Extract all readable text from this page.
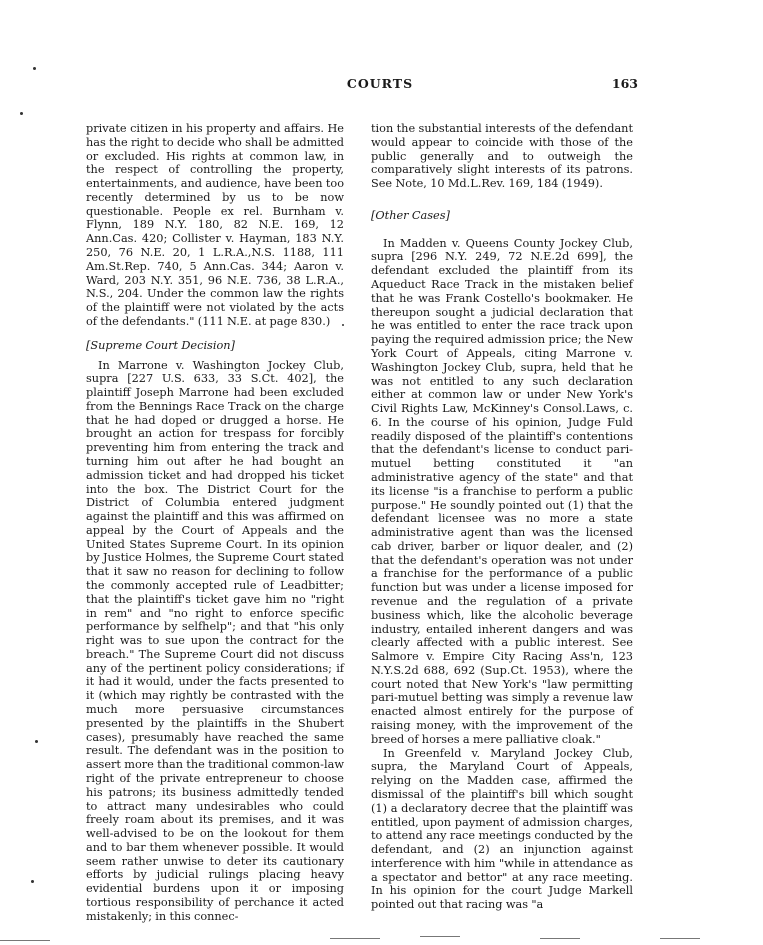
COURTS	163

private citizen in his property and affairs. He has the right to decide who shall be admitted or excluded. His rights at common law, in the respect of controlling the property, entertainments, and audience, have been too recently determined by us to be now questionable. People ex rel. Burnham v. Flynn, 189 N.Y. 180, 82 N.E. 169, 12 Ann.Cas. 420; Collister v. Hayman, 183 N.Y. 250, 76 N.E. 20, 1 L.R.A.,N.S. 1188, 111 Am.St.Rep. 740, 5 Ann.Cas. 344; Aaron v. Ward, 203 N.Y. 351, 96 N.E. 736, 38 L.R.A., N.S., 204. Under the common law the rights of the plaintiff were not violated by the acts of the defendants." (111 N.E. at page 830.)

[Supreme Court Decision]

In Marrone v. Washington Jockey Club, supra [227 U.S. 633, 33 S.Ct. 402], the plaintiff Joseph Marrone had been excluded from the Bennings Race Track on the charge that he had doped or drugged a horse. He brought an action for trespass for forcibly preventing him from entering the track and turning him out after he had bought an admission ticket and had dropped his ticket into the box. The District Court for the District of Columbia entered judgment against the plaintiff and this was affirmed on appeal by the Court of Appeals and the United States Supreme Court. In its opinion by Justice Holmes, the Supreme Court stated that it saw no reason for declining to follow the commonly accepted rule of Leadbitter; that the plaintiff's ticket gave him no "right in rem" and "no right to enforce specific performance by selfhelp"; and that "his only right was to sue upon the contract for the breach." The Supreme Court did not discuss any of the pertinent policy considerations; if it had it would, under the facts presented to it (which may rightly be contrasted with the much more persuasive circumstances presented by the plaintiffs in the Shubert cases), presumably have reached the same result. The defendant was in the position to assert more than the traditional common-law right of the private entrepreneur to choose his patrons; its business admittedly tended to attract many undesirables who could freely roam about its premises, and it was well-advised to be on the lookout for them and to bar them whenever possible. It would seem rather unwise to deter its cautionary efforts by judicial rulings placing heavy evidential burdens upon it or imposing tortious responsibility of perchance it acted mistakenly; in this connec-

tion the substantial interests of the defendant would appear to coincide with those of the public generally and to outweigh the comparatively slight interests of its patrons. See Note, 10 Md.L.Rev. 169, 184 (1949).

[Other Cases]

In Madden v. Queens County Jockey Club, supra [296 N.Y. 249, 72 N.E.2d 699], the defendant excluded the plaintiff from its Aqueduct Race Track in the mistaken belief that he was Frank Costello's bookmaker. He thereupon sought a judicial declaration that he was entitled to enter the race track upon paying the required admission price; the New York Court of Appeals, citing Marrone v. Washington Jockey Club, supra, held that he was not entitled to any such declaration either at common law or under New York's Civil Rights Law, McKinney's Consol.Laws, c. 6. In the course of his opinion, Judge Fuld readily disposed of the plaintiff's contentions that the defendant's license to conduct pari-mutuel betting constituted it "an administrative agency of the state" and that its license "is a franchise to perform a public purpose." He soundly pointed out (1) that the defendant licensee was no more a state administrative agent than was the licensed cab driver, barber or liquor dealer, and (2) that the defendant's operation was not under a franchise for the performance of a public function but was under a license imposed for revenue and the regulation of a private business which, like the alcoholic beverage industry, entailed inherent dangers and was clearly affected with a public interest. See Salmore v. Empire City Racing Ass'n, 123 N.Y.S.2d 688, 692 (Sup.Ct. 1953), where the court noted that New York's "law permitting pari-mutuel betting was simply a revenue law enacted almost entirely for the purpose of raising money, with the improvement of the breed of horses a mere palliative cloak."

In Greenfeld v. Maryland Jockey Club, supra, the Maryland Court of Appeals, relying on the Madden case, affirmed the dismissal of the plaintiff's bill which sought (1) a declaratory decree that the plaintiff was entitled, upon payment of admission charges, to attend any race meetings conducted by the defendant, and (2) an injunction against interference with him "while in attendance as a spectator and bettor" at any race meeting. In his opinion for the court Judge Markell pointed out that racing was "a
